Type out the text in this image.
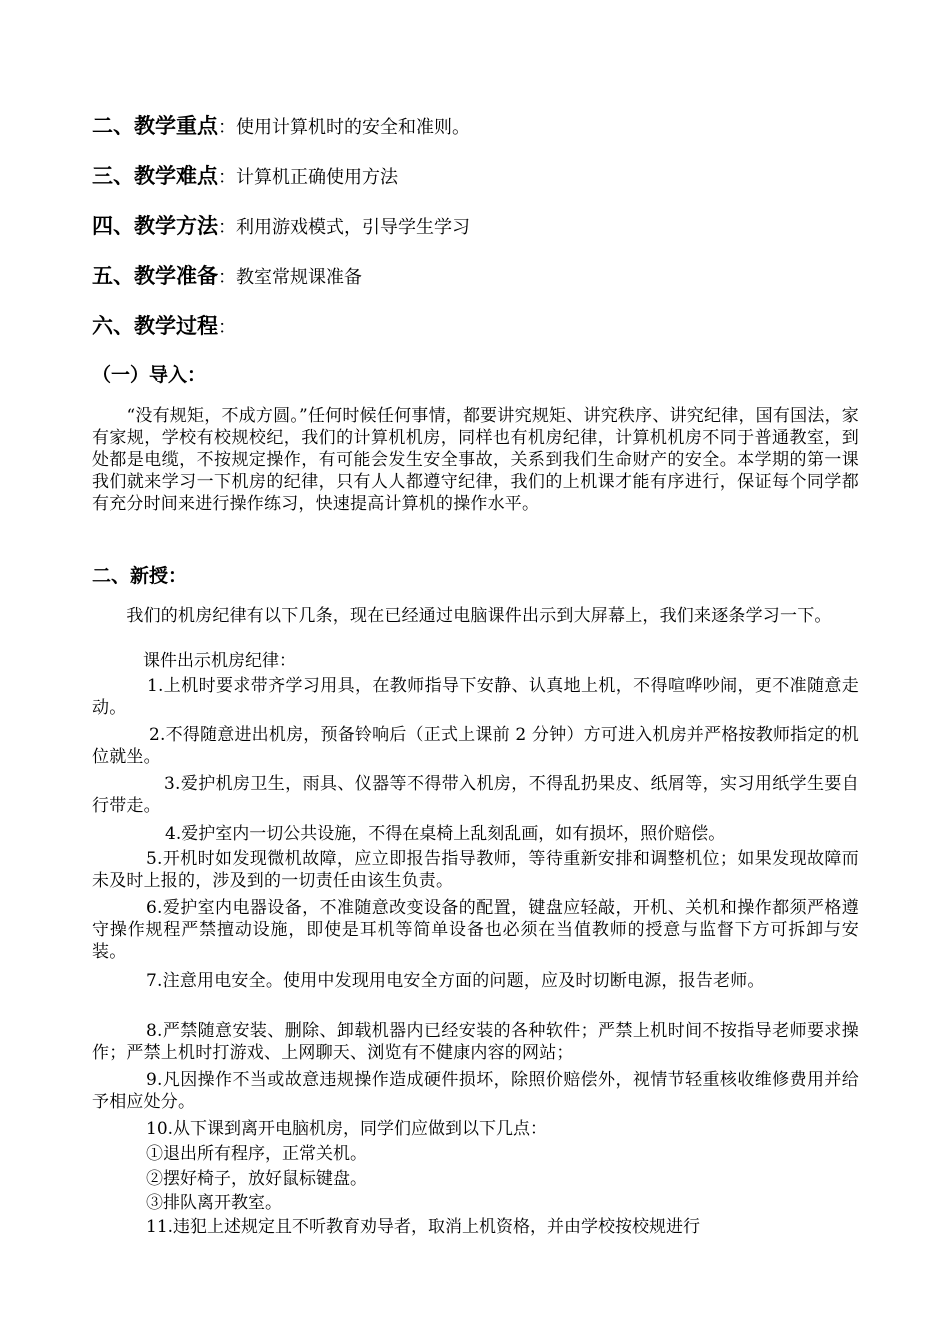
二、教学重点：使用计算机时的安全和准则。
三、教学难点：计算机正确使用方法
四、教学方法：利用游戏模式，引导学生学习
五、教学准备：教室常规课准备
六、教学过程：
（一）导入：
　　“没有规矩，不成方圆。”任何时候任何事情，都要讲究规矩、讲究秩序、讲究纪律，国有国法，家有家规，学校有校规校纪，我们的计算机机房，同样也有机房纪律，计算机机房不同于普通教室，到处都是电缆，不按规定操作，有可能会发生安全事故，关系到我们生命财产的安全。本学期的第一课我们就来学习一下机房的纪律，只有人人都遵守纪律，我们的上机课才能有序进行，保证每个同学都有充分时间来进行操作练习，快速提高计算机的操作水平。
二、新授：
　　我们的机房纪律有以下几条，现在已经通过电脑课件出示到大屏幕上，我们来逐条学习一下。
课件出示机房纪律：
1.上机时要求带齐学习用具，在教师指导下安静、认真地上机，不得喧哗吵闹，更不准随意走动。
2.不得随意进出机房，预备铃响后（正式上课前 2 分钟）方可进入机房并严格按教师指定的机位就坐。
3.爱护机房卫生，雨具、仪器等不得带入机房，不得乱扔果皮、纸屑等，实习用纸学生要自行带走。
4.爱护室内一切公共设施，不得在桌椅上乱刻乱画，如有损坏，照价赔偿。
5.开机时如发现微机故障，应立即报告指导教师，等待重新安排和调整机位；如果发现故障而未及时上报的，涉及到的一切责任由该生负责。
6.爱护室内电器设备，不准随意改变设备的配置，键盘应轻敲，开机、关机和操作都须严格遵守操作规程严禁擅动设施，即使是耳机等简单设备也必须在当值教师的授意与监督下方可拆卸与安装。
7.注意用电安全。使用中发现用电安全方面的问题，应及时切断电源，报告老师。
8.严禁随意安装、删除、卸载机器内已经安装的各种软件；严禁上机时间不按指导老师要求操作；严禁上机时打游戏、上网聊天、浏览有不健康内容的网站；
9.凡因操作不当或故意违规操作造成硬件损坏，除照价赔偿外，视情节轻重核收维修费用并给予相应处分。
10.从下课到离开电脑机房，同学们应做到以下几点：
①退出所有程序，正常关机。
②摆好椅子，放好鼠标键盘。
③排队离开教室。
11.违犯上述规定且不听教育劝导者，取消上机资格，并由学校按校规进行
